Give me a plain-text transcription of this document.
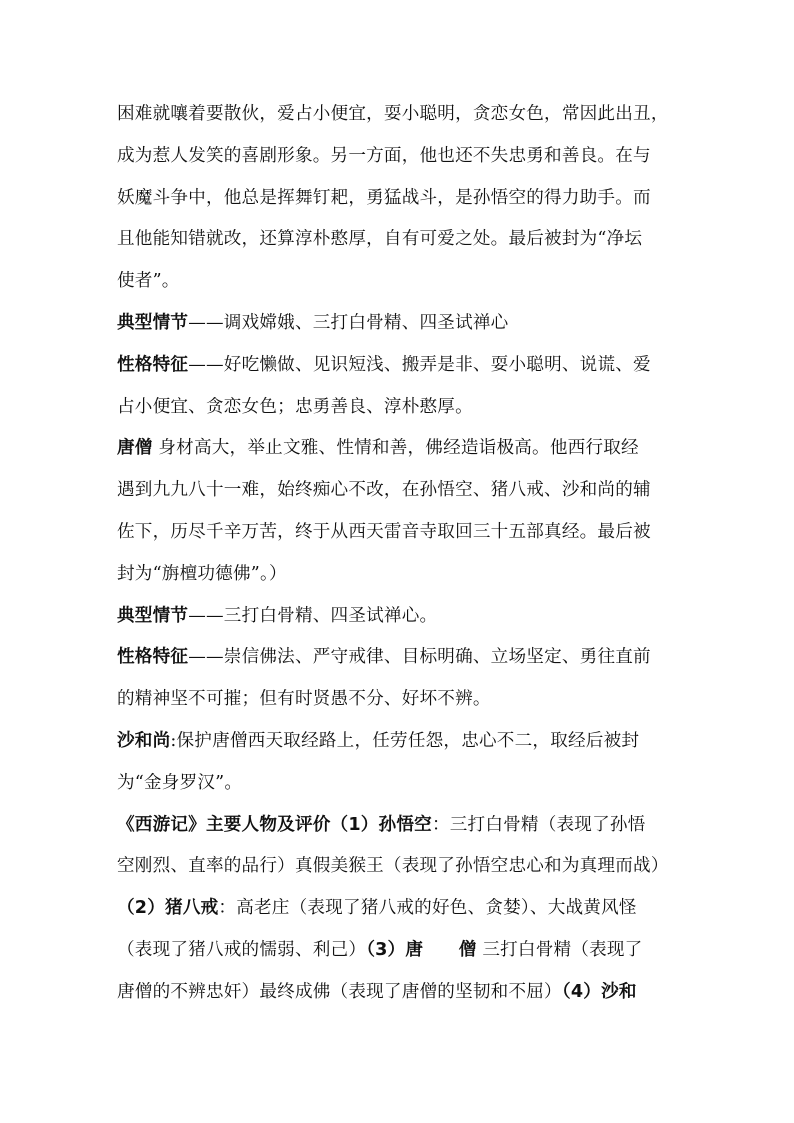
困难就嚷着要散伙，爱占小便宜，耍小聪明，贪恋女色，常因此出丑，
成为惹人发笑的喜剧形象。另一方面，他也还不失忠勇和善良。在与
妖魔斗争中，他总是挥舞钉耙，勇猛战斗，是孙悟空的得力助手。而
且他能知错就改，还算淳朴憨厚，自有可爱之处。最后被封为“净坛
使者”。
典型情节——调戏嫦娥、三打白骨精、四圣试禅心
性格特征——好吃懒做、见识短浅、搬弄是非、耍小聪明、说谎、爱
占小便宜、贪恋女色；忠勇善良、淳朴憨厚。
唐僧 身材高大，举止文雅、性情和善，佛经造诣极高。他西行取经
遇到九九八十一难，始终痴心不改，在孙悟空、猪八戒、沙和尚的辅
佐下，历尽千辛万苦，终于从西天雷音寺取回三十五部真经。最后被
封为“旃檀功德佛”。）
典型情节——三打白骨精、四圣试禅心。
性格特征——崇信佛法、严守戒律、目标明确、立场坚定、勇往直前
的精神坚不可摧；但有时贤愚不分、好坏不辨。
沙和尚:保护唐僧西天取经路上，任劳任怨，忠心不二，取经后被封
为“金身罗汉”。
《西游记》主要人物及评价（1）孙悟空：三打白骨精（表现了孙悟
空刚烈、直率的品行）真假美猴王（表现了孙悟空忠心和为真理而战）
（2）猪八戒：高老庄（表现了猪八戒的好色、贪婪）、大战黄风怪
（表现了猪八戒的懦弱、利己）（3）唐　　僧 三打白骨精（表现了
唐僧的不辨忠奸）最终成佛（表现了唐僧的坚韧和不屈）（4）沙和
